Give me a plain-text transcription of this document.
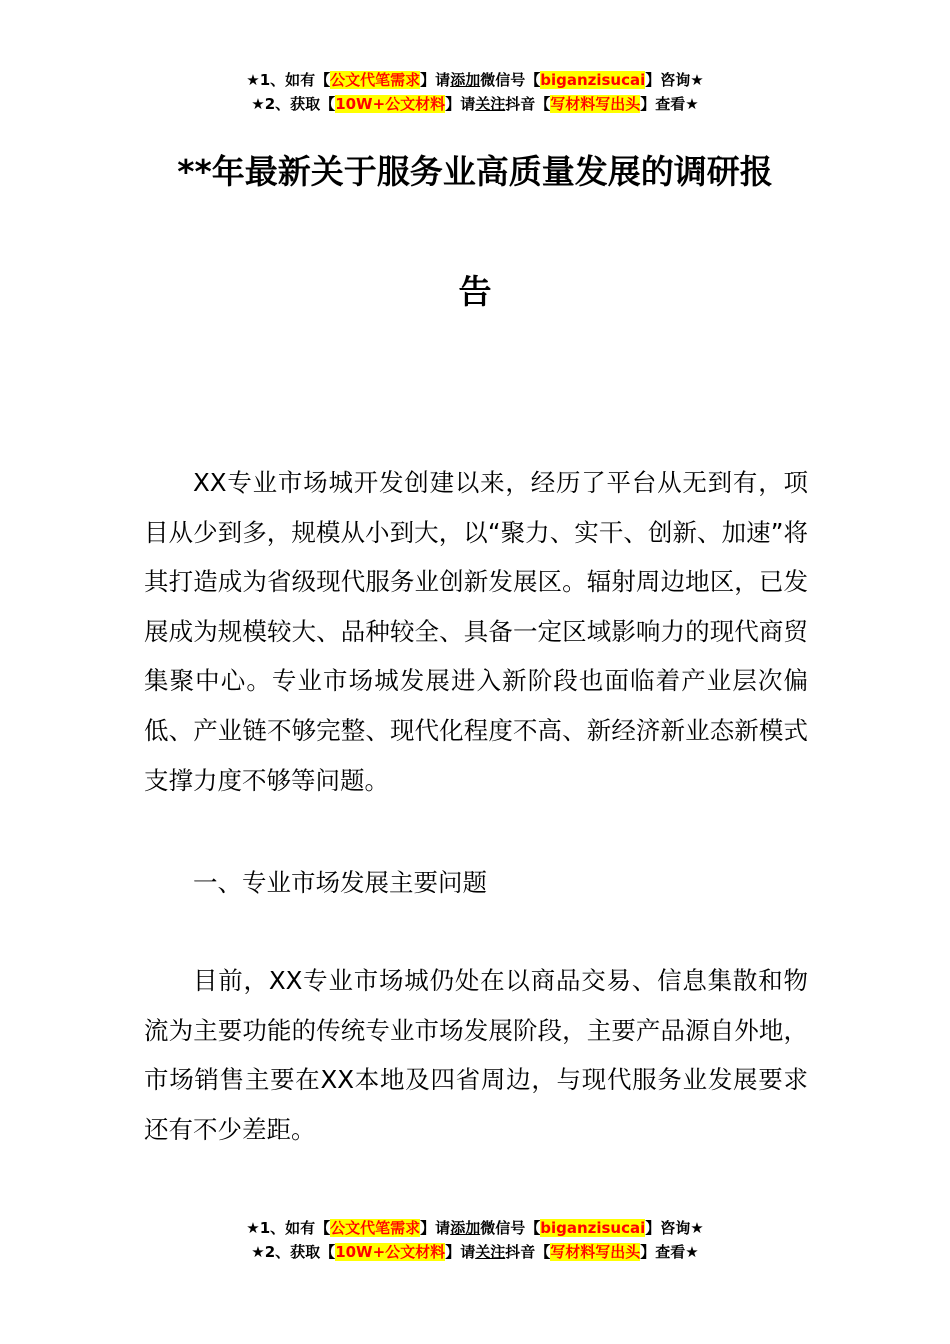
★1、如有【公文代笔需求】请添加微信号【biganzisucai】咨询★
★2、获取【10W+公文材料】请关注抖音【写材料写出头】查看★
**年最新关于服务业高质量发展的调研报
告

XX专业市场城开发创建以来，经历了平台从无到有，项目从少到多，规模从小到大，以“聚力、实干、创新、加速”将其打造成为省级现代服务业创新发展区。辐射周边地区，已发展成为规模较大、品种较全、具备一定区域影响力的现代商贸集聚中心。专业市场城发展进入新阶段也面临着产业层次偏低、产业链不够完整、现代化程度不高、新经济新业态新模式支撑力度不够等问题。

一、专业市场发展主要问题

目前，XX专业市场城仍处在以商品交易、信息集散和物流为主要功能的传统专业市场发展阶段，主要产品源自外地，市场销售主要在XX本地及四省周边，与现代服务业发展要求还有不少差距。

★1、如有【公文代笔需求】请添加微信号【biganzisucai】咨询★
★2、获取【10W+公文材料】请关注抖音【写材料写出头】查看★
